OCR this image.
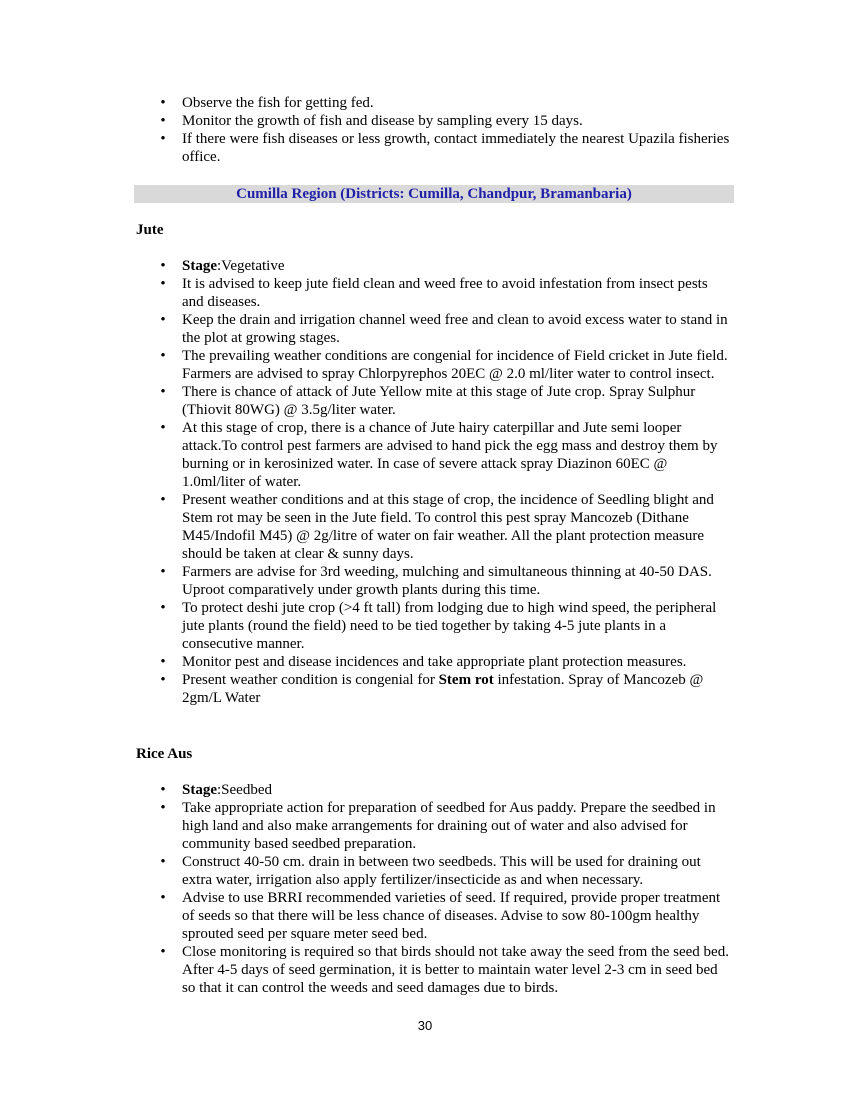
• Observe the fish for getting fed.
• Monitor the growth of fish and disease by sampling every 15 days.
• If there were fish diseases or less growth, contact immediately the nearest Upazila fisheries office.
Cumilla Region (Districts: Cumilla, Chandpur, Bramanbaria)
Jute
• Stage:Vegetative
• It is advised to keep jute field clean and weed free to avoid infestation from insect pests and diseases.
• Keep the drain and irrigation channel weed free and clean to avoid excess water to stand in the plot at growing stages.
• The prevailing weather conditions are congenial for incidence of Field cricket in Jute field. Farmers are advised to spray Chlorpyrephos 20EC @ 2.0 ml/liter water to control insect.
• There is chance of attack of Jute Yellow mite at this stage of Jute crop. Spray Sulphur (Thiovit 80WG) @ 3.5g/liter water.
• At this stage of crop, there is a chance of Jute hairy caterpillar and Jute semi looper attack.To control pest farmers are advised to hand pick the egg mass and destroy them by burning or in kerosinized water. In case of severe attack spray Diazinon 60EC @ 1.0ml/liter of water.
• Present weather conditions and at this stage of crop, the incidence of Seedling blight and Stem rot may be seen in the Jute field. To control this pest spray Mancozeb (Dithane M45/Indofil M45) @ 2g/litre of water on fair weather. All the plant protection measure should be taken at clear & sunny days.
• Farmers are advise for 3rd weeding, mulching and simultaneous thinning at 40-50 DAS. Uproot comparatively under growth plants during this time.
• To protect deshi jute crop (>4 ft tall) from lodging due to high wind speed, the peripheral jute plants (round the field) need to be tied together by taking 4-5 jute plants in a consecutive manner.
• Monitor pest and disease incidences and take appropriate plant protection measures.
• Present weather condition is congenial for Stem rot infestation. Spray of Mancozeb @ 2gm/L Water
Rice Aus
• Stage:Seedbed
• Take appropriate action for preparation of seedbed for Aus paddy. Prepare the seedbed in high land and also make arrangements for draining out of water and also advised for community based seedbed preparation.
• Construct 40-50 cm. drain in between two seedbeds. This will be used for draining out extra water, irrigation also apply fertilizer/insecticide as and when necessary.
• Advise to use BRRI recommended varieties of seed. If required, provide proper treatment of seeds so that there will be less chance of diseases. Advise to sow 80-100gm healthy sprouted seed per square meter seed bed.
• Close monitoring is required so that birds should not take away the seed from the seed bed. After 4-5 days of seed germination, it is better to maintain water level 2-3 cm in seed bed so that it can control the weeds and seed damages due to birds.
30
